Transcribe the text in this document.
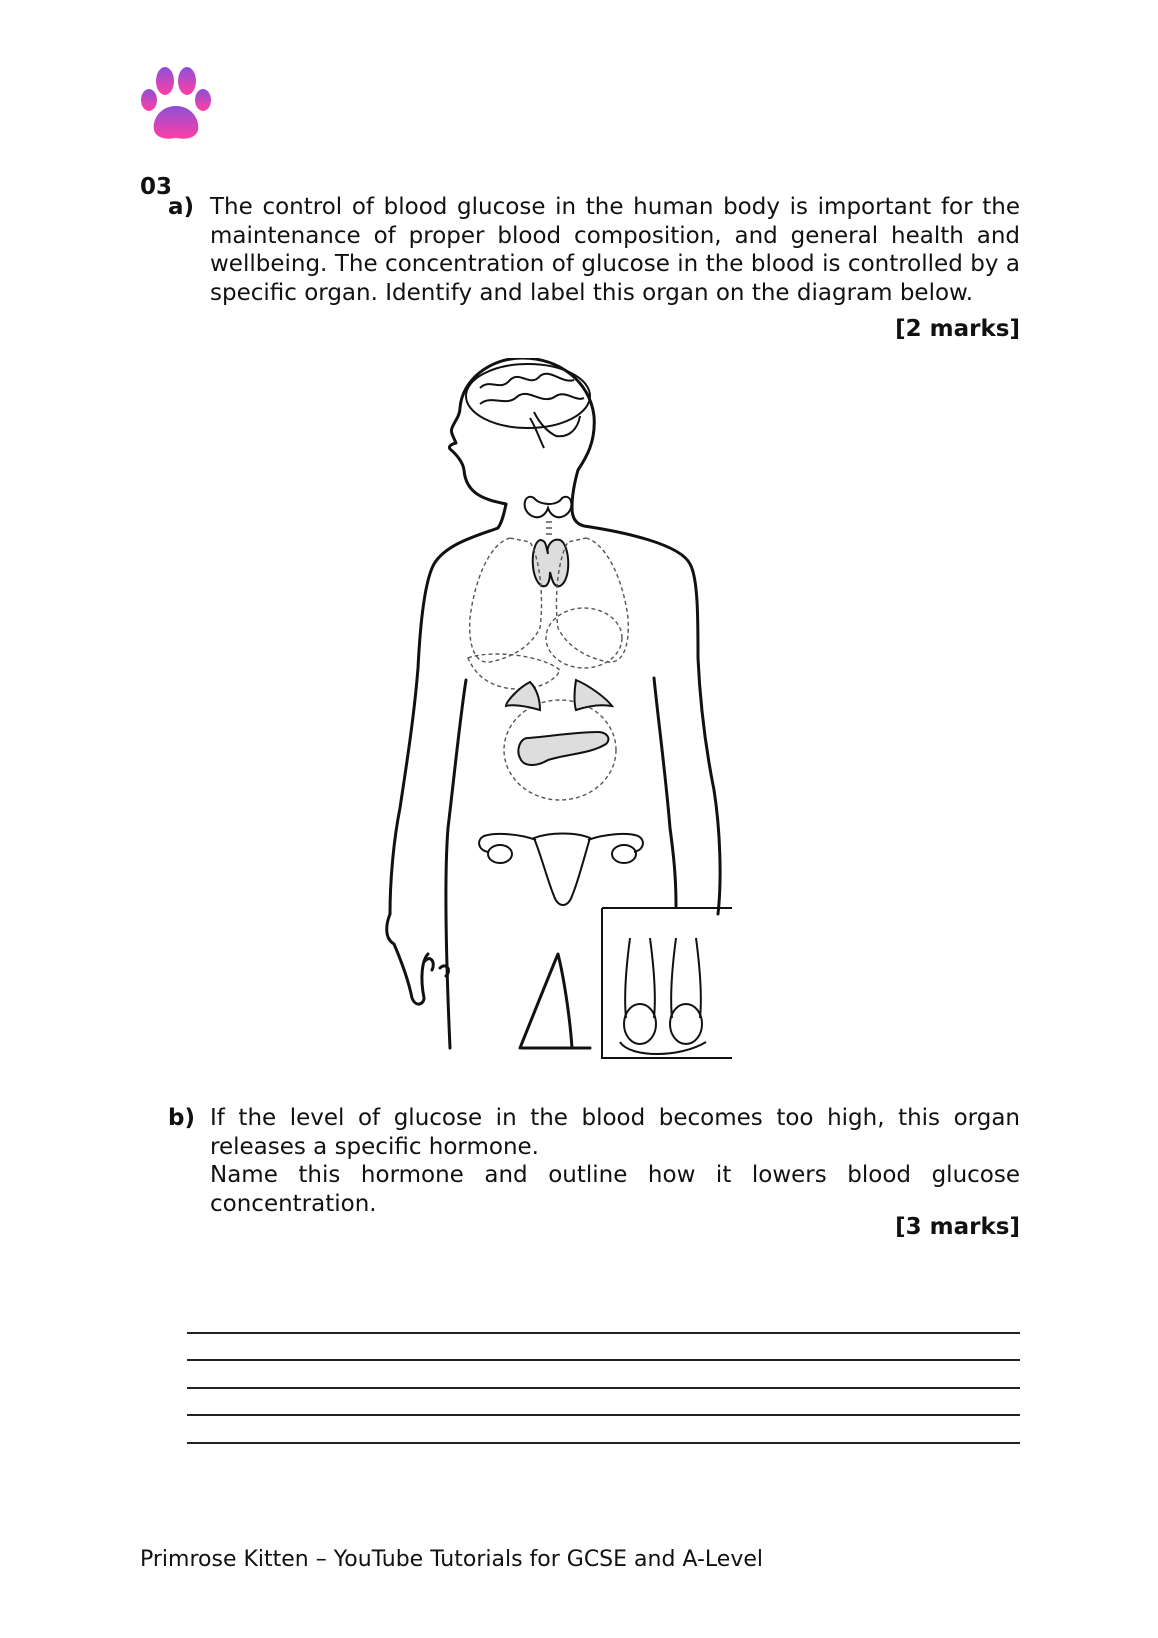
03
a) The control of blood glucose in the human body is important for the maintenance of proper blood composition, and general health and wellbeing. The concentration of glucose in the blood is controlled by a specific organ. Identify and label this organ on the diagram below.
[2 marks]
b) If the level of glucose in the blood becomes too high, this organ releases a specific hormone.

Name this hormone and outline how it lowers blood glucose concentration.

[3 marks]
Primrose Kitten – YouTube Tutorials for GCSE and A-Level
